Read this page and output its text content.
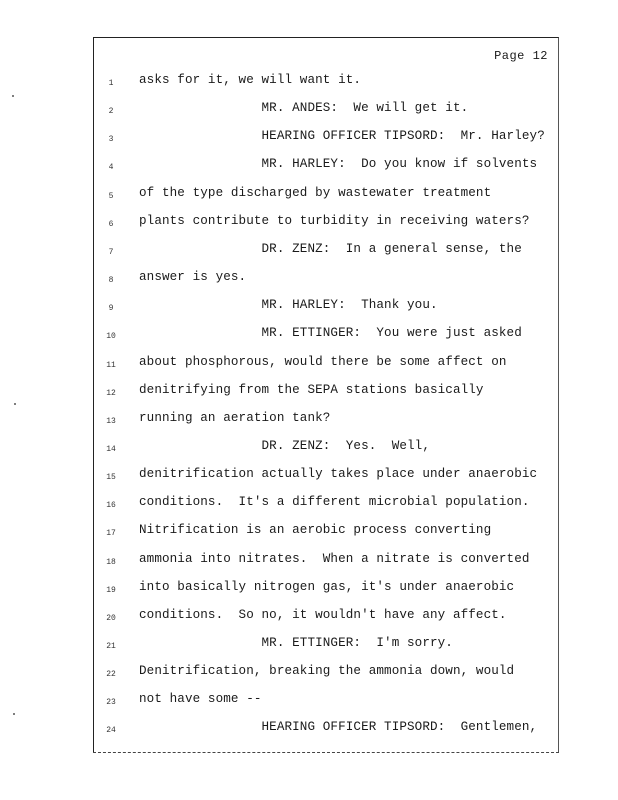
Page 12
1	asks for it, we will want it.
2	MR. ANDES:  We will get it.
3	HEARING OFFICER TIPSORD:  Mr. Harley?
4	MR. HARLEY:  Do you know if solvents
5	of the type discharged by wastewater treatment
6	plants contribute to turbidity in receiving waters?
7	DR. ZENZ:  In a general sense, the
8	answer is yes.
9	MR. HARLEY:  Thank you.
10	MR. ETTINGER:  You were just asked
11	about phosphorous, would there be some affect on
12	denitrifying from the SEPA stations basically
13	running an aeration tank?
14	DR. ZENZ:  Yes.  Well,
15	denitrification actually takes place under anaerobic
16	conditions.  It's a different microbial population.
17	Nitrification is an aerobic process converting
18	ammonia into nitrates.  When a nitrate is converted
19	into basically nitrogen gas, it's under anaerobic
20	conditions.  So no, it wouldn't have any affect.
21	MR. ETTINGER:  I'm sorry.
22	Denitrification, breaking the ammonia down, would
23	not have some --
24	HEARING OFFICER TIPSORD:  Gentlemen,
